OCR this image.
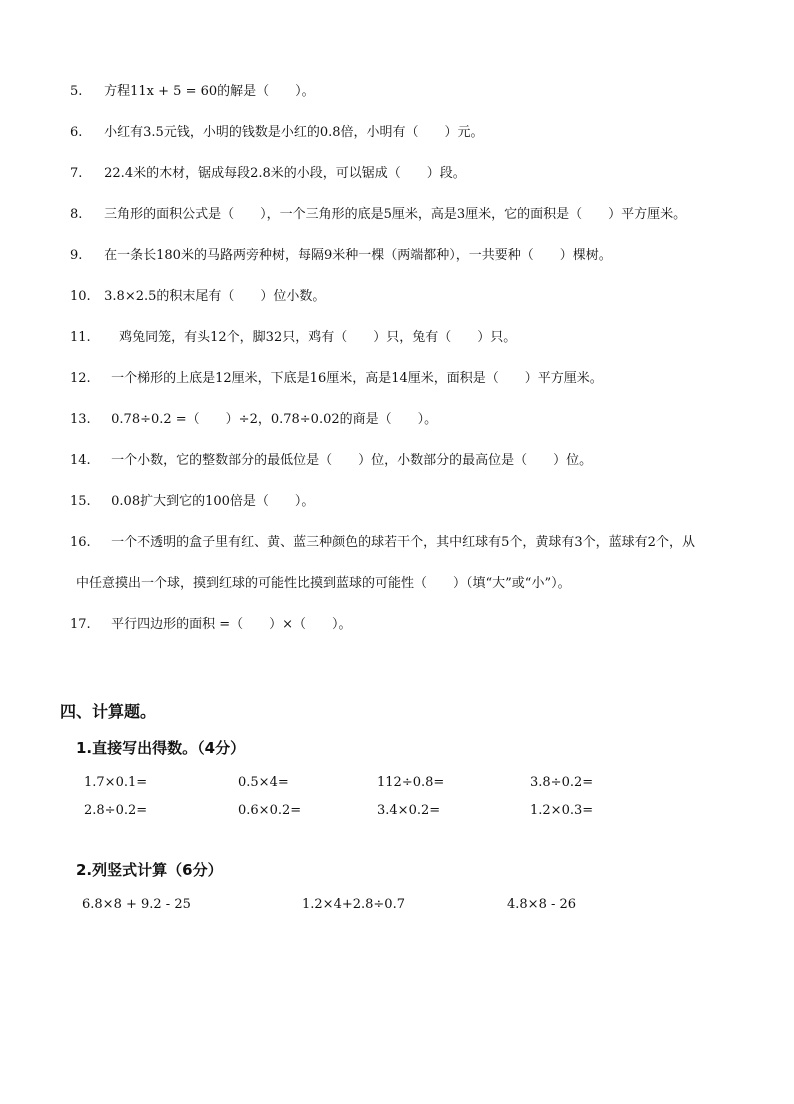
5. 方程11x + 5 = 60的解是（　　）。
6. 小红有3.5元钱，小明的钱数是小红的0.8倍，小明有（　　）元。
7. 22.4米的木材，锯成每段2.8米的小段，可以锯成（　　）段。
8. 三角形的面积公式是（　　），一个三角形的底是5厘米，高是3厘米，它的面积是（　　）平方厘米。
9. 在一条长180米的马路两旁种树，每隔9米种一棵（两端都种），一共要种（　　）棵树。
10. 3.8×2.5的积末尾有（　　）位小数。
11. 鸡兔同笼，有头12个，脚32只，鸡有（　　）只，兔有（　　）只。
12. 一个梯形的上底是12厘米，下底是16厘米，高是14厘米，面积是（　　）平方厘米。
13. 0.78÷0.2 =（　　）÷2，0.78÷0.02的商是（　　）。
14. 一个小数，它的整数部分的最低位是（　　）位，小数部分的最高位是（　　）位。
15. 0.08扩大到它的100倍是（　　）。
16. 一个不透明的盒子里有红、黄、蓝三种颜色的球若干个，其中红球有5个，黄球有3个，蓝球有2个，从
中任意摸出一个球，摸到红球的可能性比摸到蓝球的可能性（　　）（填“大”或“小”）。
17. 平行四边形的面积 =（　　）×（　　）。
四、计算题。
1.直接写出得数。（4分）
1.7×0.1=	0.5×4=	112÷0.8=	3.8÷0.2=
2.8÷0.2=	0.6×0.2=	3.4×0.2=	1.2×0.3=
2.列竖式计算（6分）
6.8×8 + 9.2 - 25	1.2×4+2.8÷0.7	4.8×8 - 26
